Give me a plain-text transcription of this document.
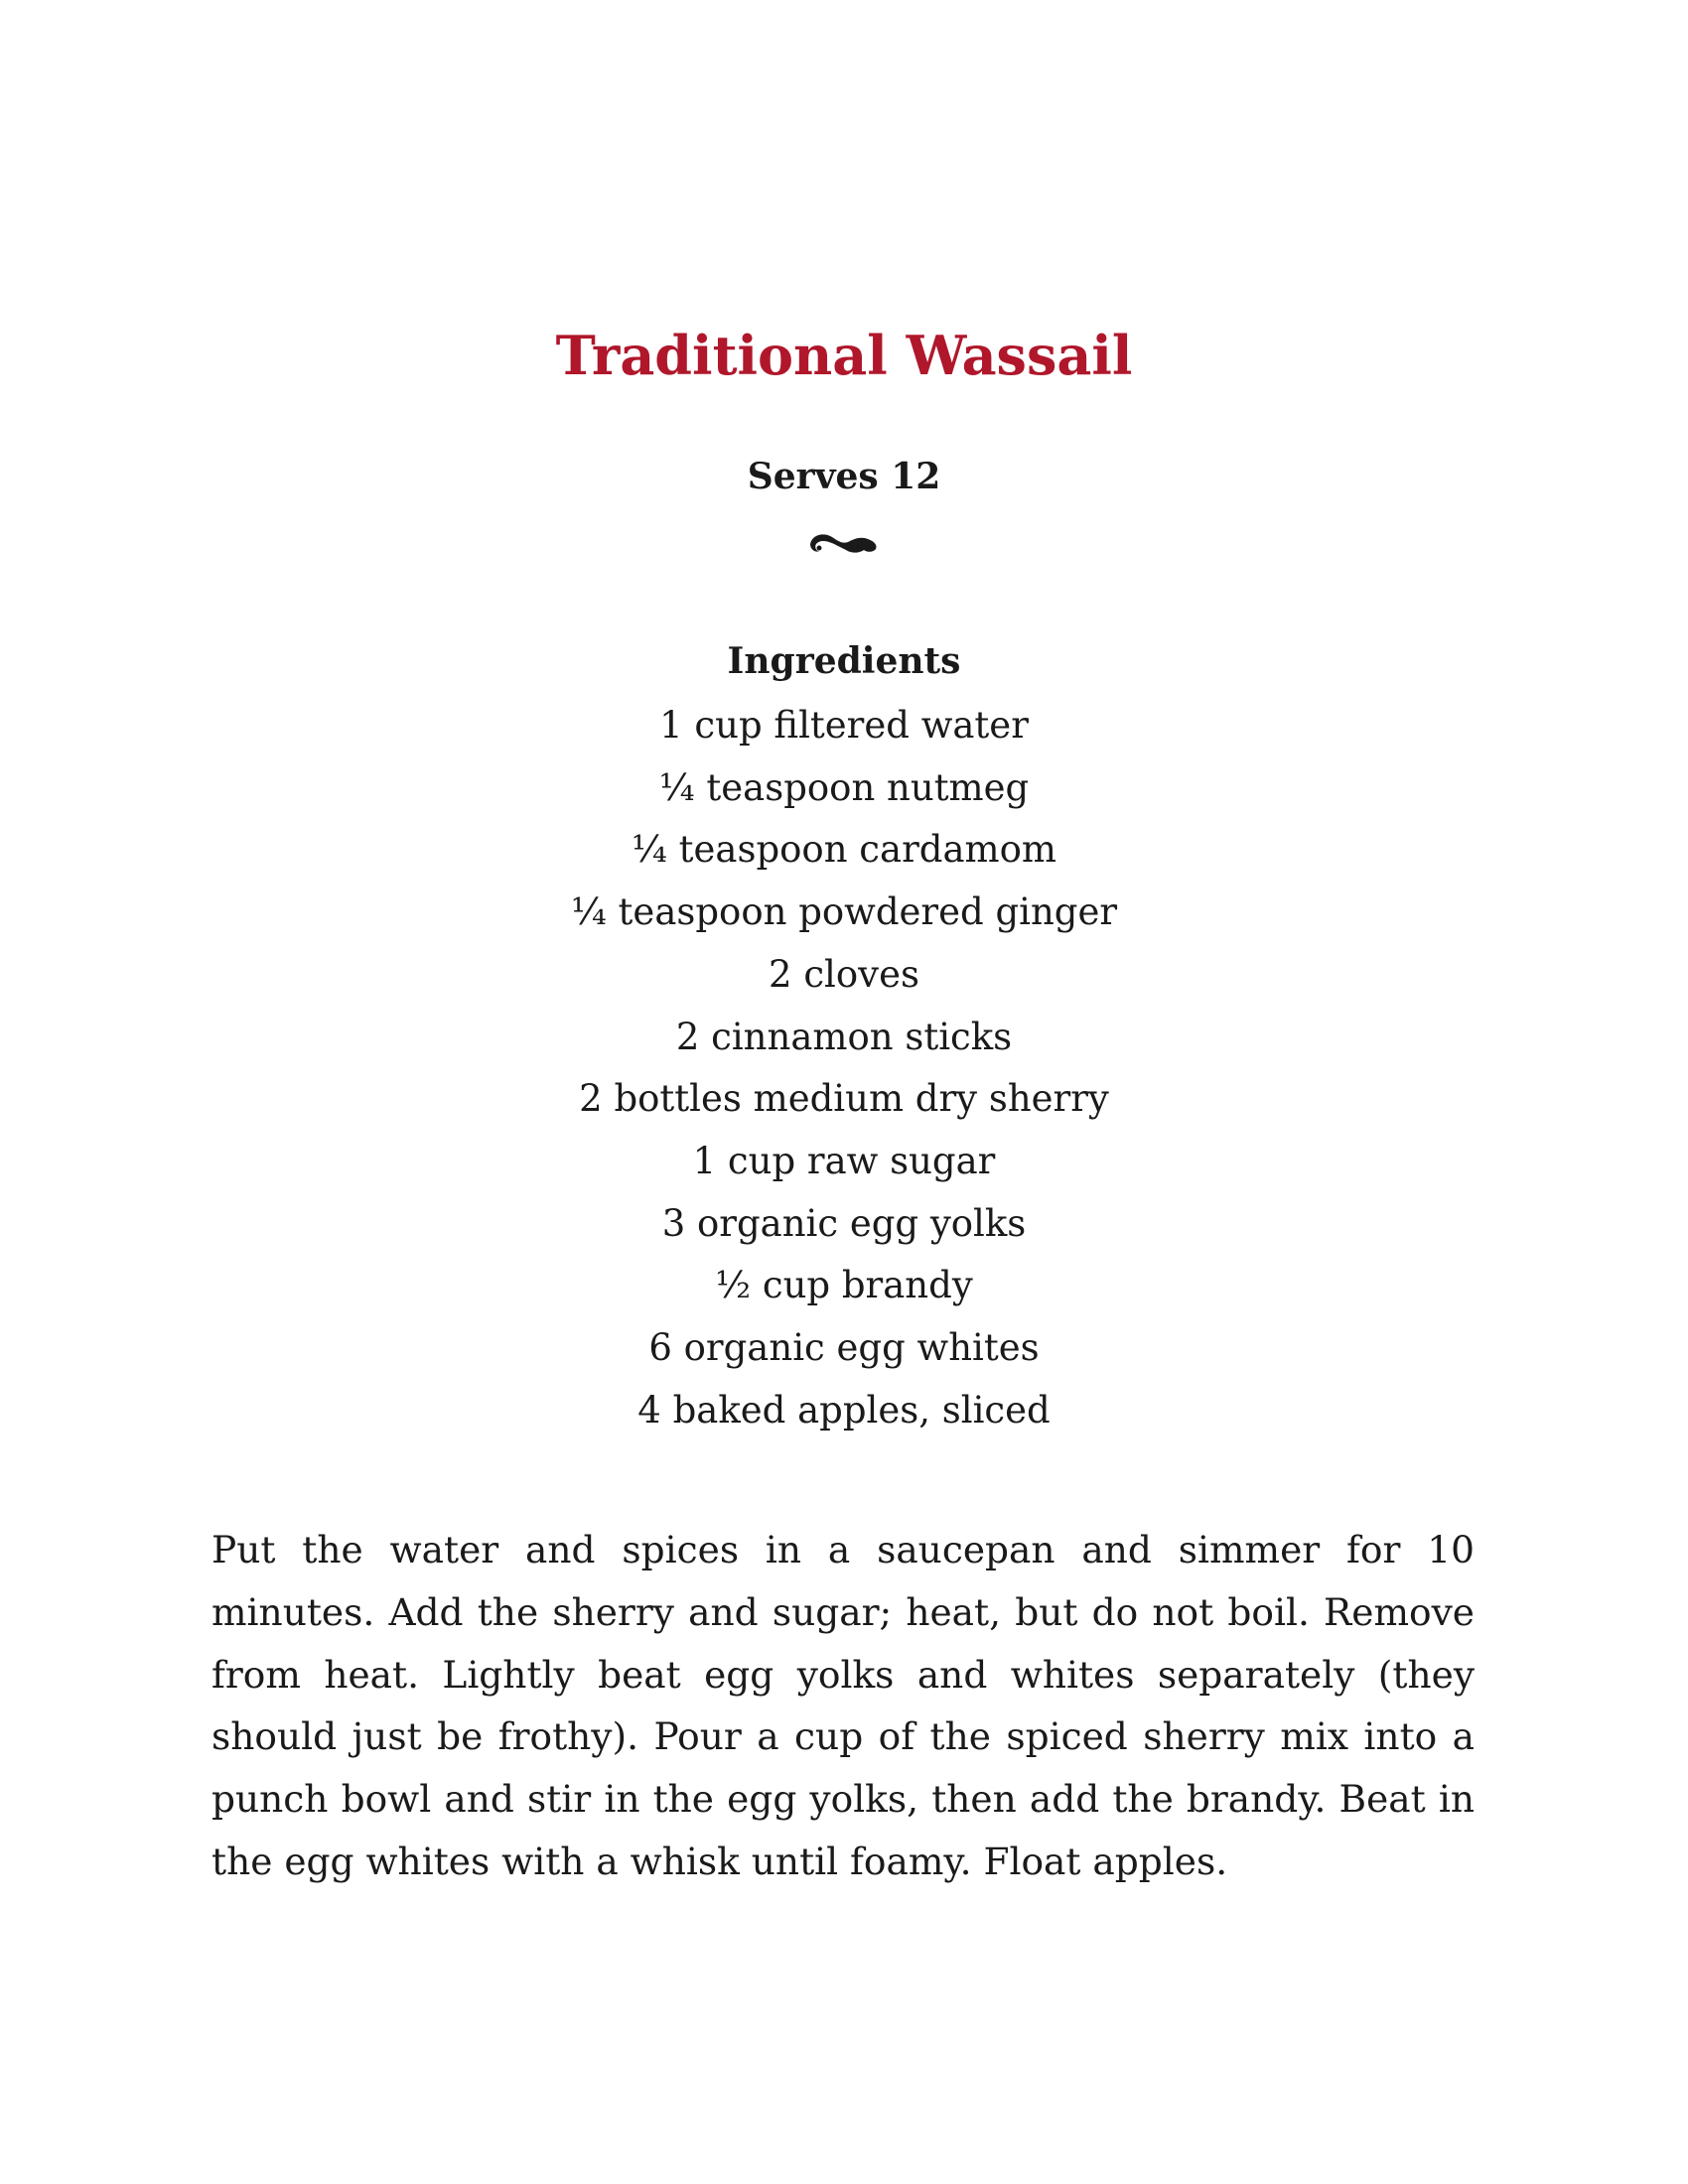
Traditional Wassail

Serves 12

Ingredients
1 cup filtered water
¼ teaspoon nutmeg
¼ teaspoon cardamom
¼ teaspoon powdered ginger
2 cloves
2 cinnamon sticks
2 bottles medium dry sherry
1 cup raw sugar
3 organic egg yolks
½ cup brandy
6 organic egg whites
4 baked apples, sliced

Put the water and spices in a saucepan and simmer for 10 minutes. Add the sherry and sugar; heat, but do not boil. Remove from heat. Lightly beat egg yolks and whites separately (they should just be frothy). Pour a cup of the spiced sherry mix into a punch bowl and stir in the egg yolks, then add the brandy. Beat in the egg whites with a whisk until foamy. Float apples.
